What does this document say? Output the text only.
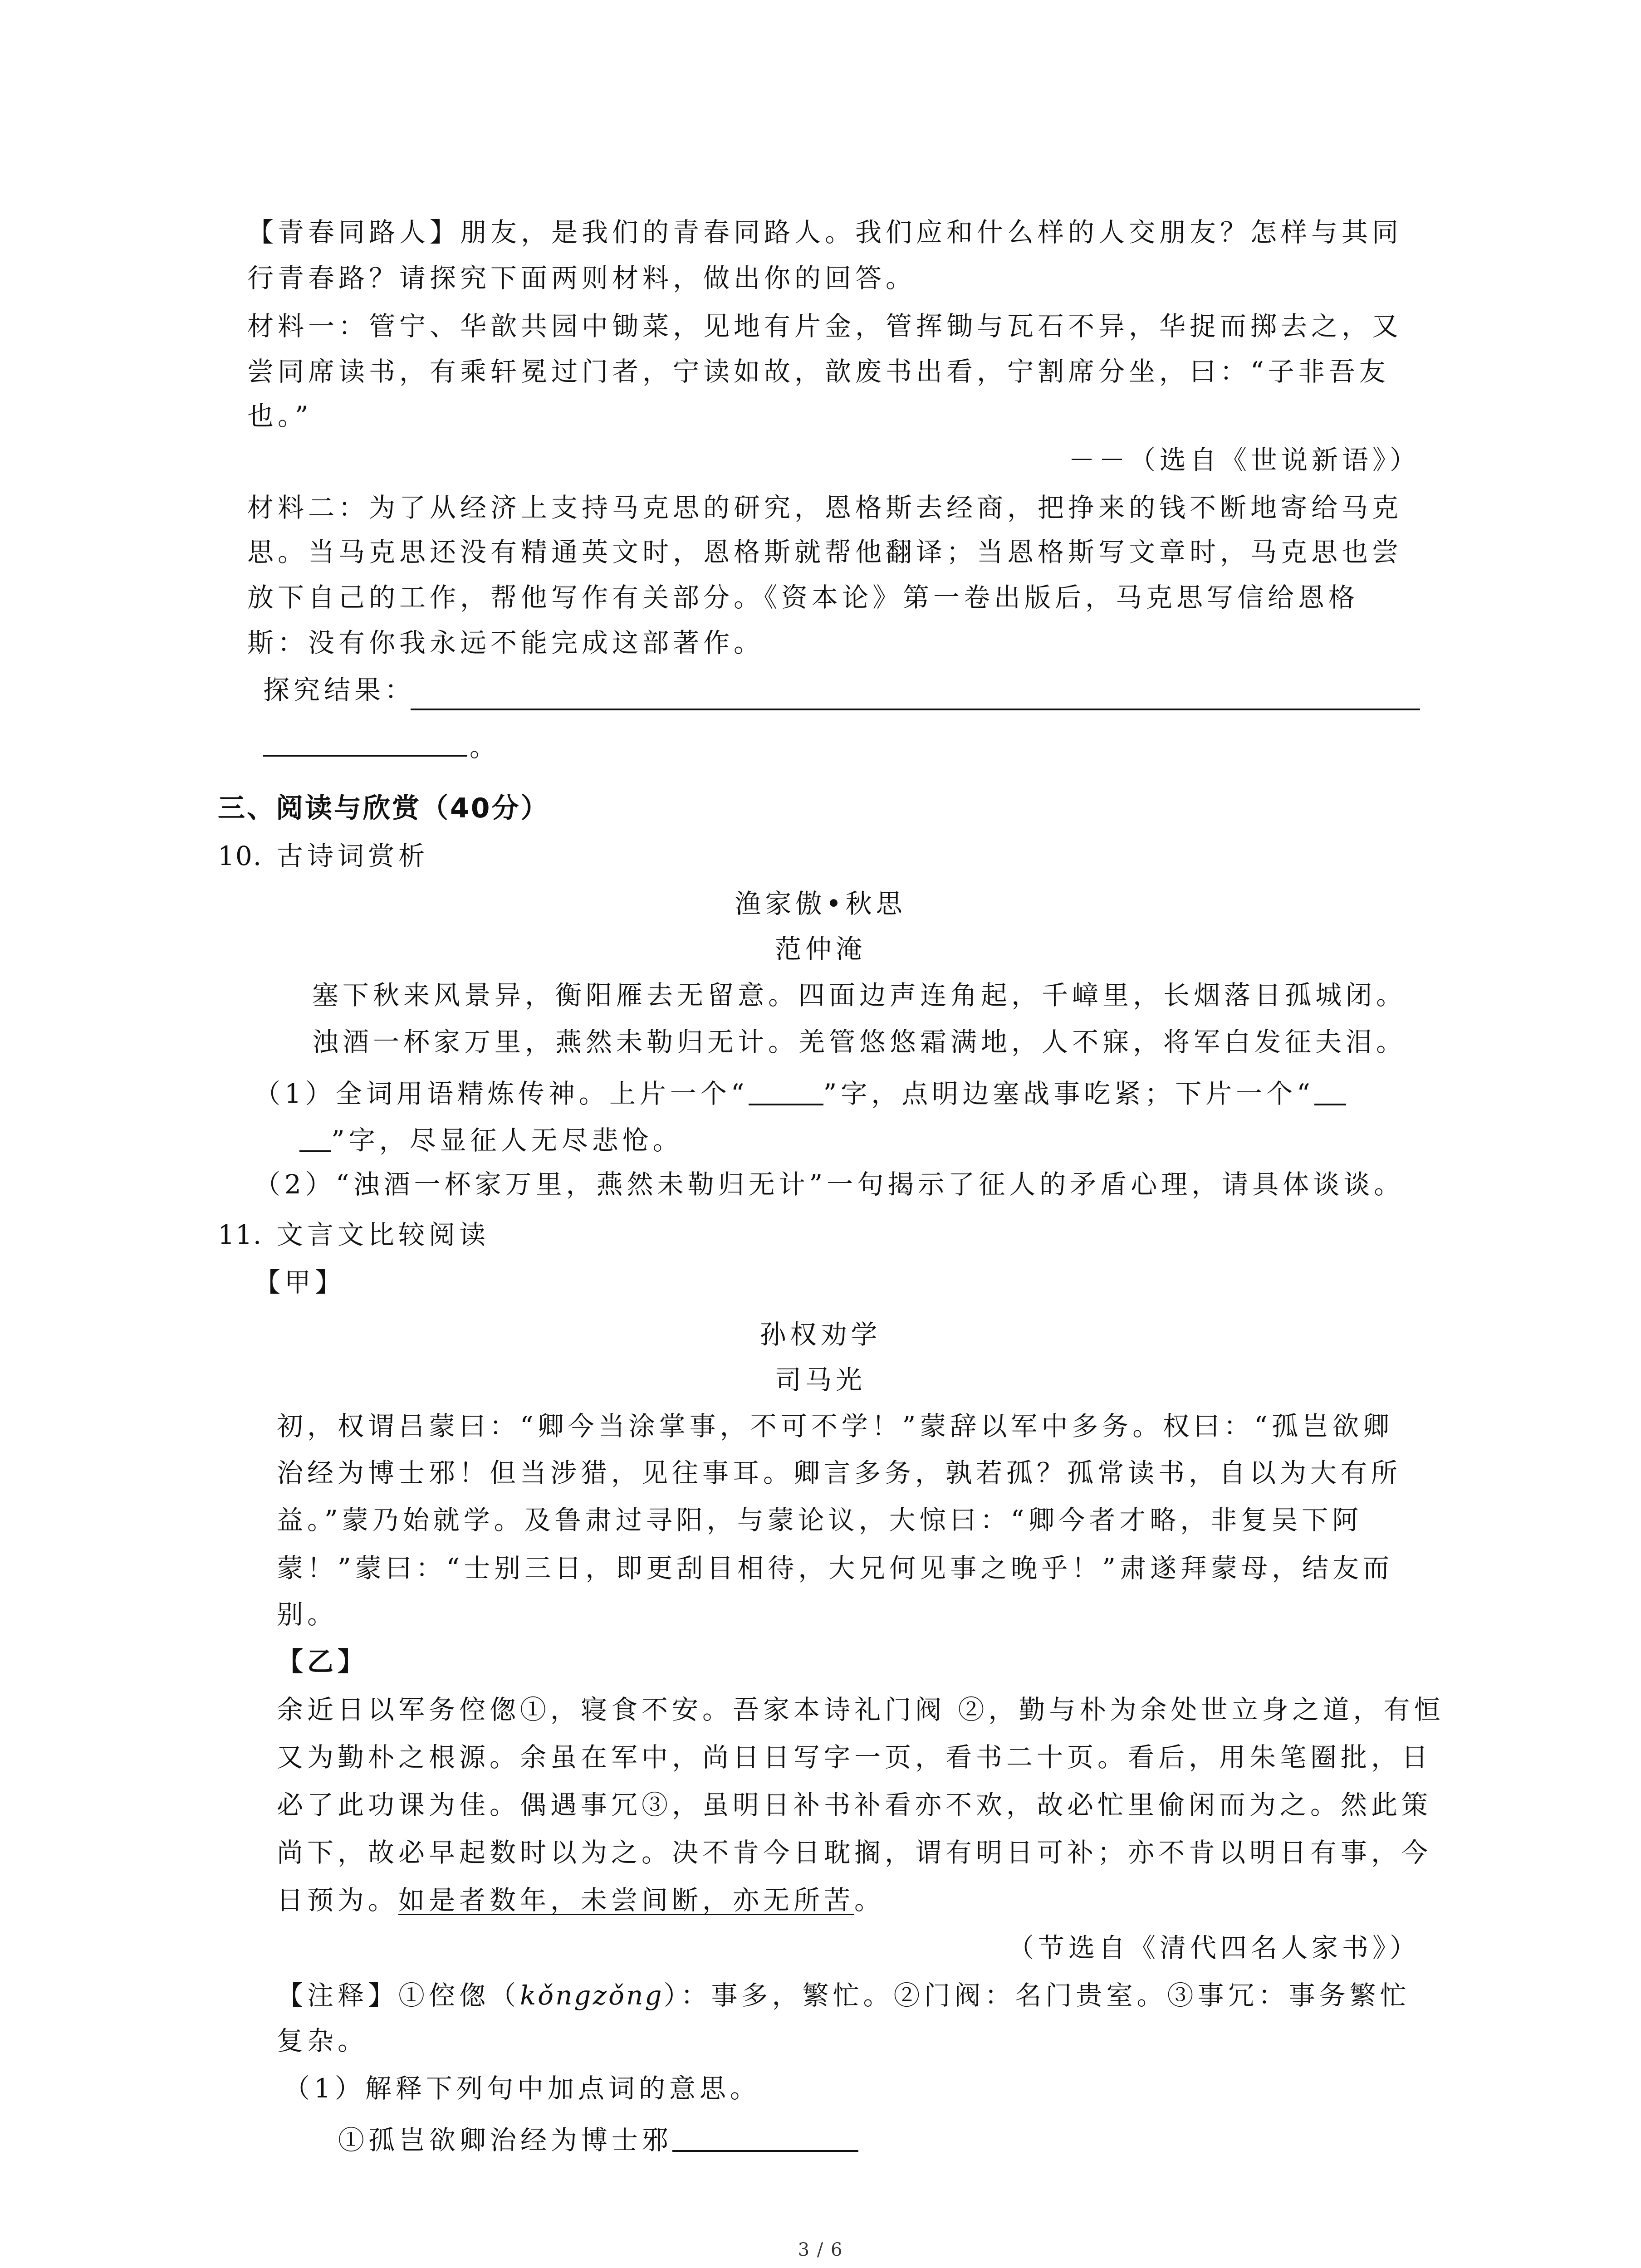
【青春同路人】朋友，是我们的青春同路人。我们应和什么样的人交朋友？怎样与其同
行青春路？请探究下面两则材料，做出你的回答。
材料一：管宁、华歆共园中锄菜，见地有片金，管挥锄与瓦石不异，华捉而掷去之，又
尝同席读书，有乘轩冕过门者，宁读如故，歆废书出看，宁割席分坐，曰：“子非吾友
也。”
－－（选自《世说新语》）
材料二：为了从经济上支持马克思的研究，恩格斯去经商，把挣来的钱不断地寄给马克
思。当马克思还没有精通英文时，恩格斯就帮他翻译；当恩格斯写文章时，马克思也尝
放下自己的工作，帮他写作有关部分。《资本论》第一卷出版后，马克思写信给恩格
斯：没有你我永远不能完成这部著作。
探究结果：
。
三、阅读与欣赏（40分）
10. 古诗词赏析
渔家傲•秋思
范仲淹
塞下秋来风景异，衡阳雁去无留意。四面边声连角起，千嶂里，长烟落日孤城闭。
浊酒一杯家万里，燕然未勒归无计。羌管悠悠霜满地，人不寐，将军白发征夫泪。
（1）全词用语精炼传神。上片一个“	”字，点明边塞战事吃紧；下片一个“
”字，尽显征人无尽悲怆。
（2）“浊酒一杯家万里，燕然未勒归无计”一句揭示了征人的矛盾心理，请具体谈谈。
11. 文言文比较阅读
【甲】
孙权劝学
司马光
初，权谓吕蒙曰：“卿今当涂掌事，不可不学！”蒙辞以军中多务。权曰：“孤岂欲卿
治经为博士邪！但当涉猎，见往事耳。卿言多务，孰若孤？孤常读书，自以为大有所
益。”蒙乃始就学。及鲁肃过寻阳，与蒙论议，大惊曰：“卿今者才略，非复吴下阿
蒙！”蒙曰：“士别三日，即更刮目相待，大兄何见事之晚乎！”肃遂拜蒙母，结友而
别。
【乙】
余近日以军务倥偬①，寝食不安。吾家本诗礼门阀 ②，勤与朴为余处世立身之道，有恒
又为勤朴之根源。余虽在军中，尚日日写字一页，看书二十页。看后，用朱笔圈批，日
必了此功课为佳。偶遇事冗③，虽明日补书补看亦不欢，故必忙里偷闲而为之。然此策
尚下，故必早起数时以为之。决不肯今日耽搁，谓有明日可补；亦不肯以明日有事，今
日预为。如是者数年，未尝间断，亦无所苦。
（节选自《清代四名人家书》）
【注释】①倥偬（kǒngzǒng）：事多，繁忙。②门阀：名门贵室。③事冗：事务繁忙
复杂。
（1）解释下列句中加点词的意思。
①孤岂欲卿治经为博士邪
3 / 6
